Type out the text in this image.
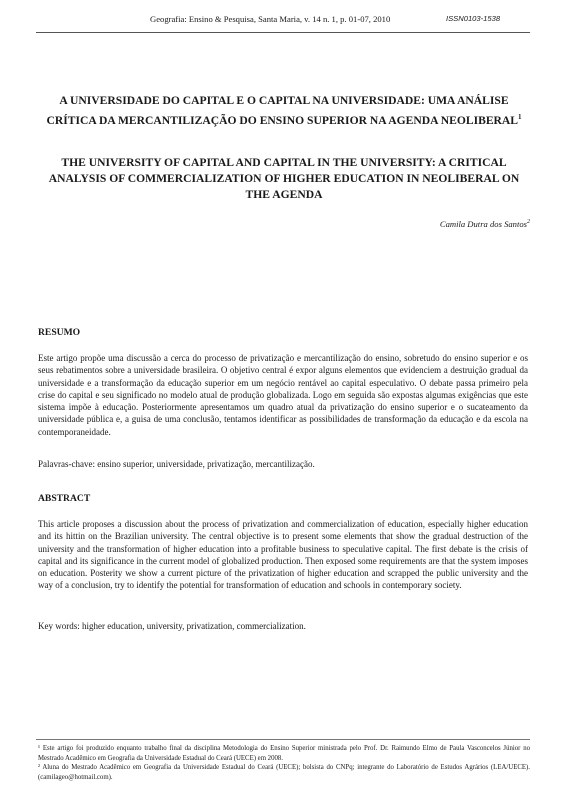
Geografia: Ensino & Pesquisa, Santa Maria, v. 14 n. 1, p. 01-07, 2010	ISSN0103-1538
A UNIVERSIDADE DO CAPITAL E O CAPITAL NA UNIVERSIDADE: UMA ANÁLISE CRÍTICA DA MERCANTILIZAÇÃO DO ENSINO SUPERIOR NA AGENDA NEOLIBERAL$^1$
THE UNIVERSITY OF CAPITAL AND CAPITAL IN THE UNIVERSITY: A CRITICAL ANALYSIS OF COMMERCIALIZATION OF HIGHER EDUCATION IN NEOLIBERAL ON THE AGENDA
Camila Dutra dos Santos$^2$
RESUMO

Este artigo propõe uma discussão a cerca do processo de privatização e mercantilização do ensino, sobretudo do ensino superior e os seus rebatimentos sobre a universidade brasileira. O objetivo central é expor alguns elementos que evidenciem a destruição gradual da universidade e a transformação da educação superior em um negócio rentável ao capital especulativo. O debate passa primeiro pela crise do capital e seu significado no modelo atual de produção globalizada. Logo em seguida são expostas algumas exigências que este sistema impõe à educação. Posteriormente apresentamos um quadro atual da privatização do ensino superior e o sucateamento da universidade pública e, a guisa de uma conclusão, tentamos identificar as possibilidades de transformação da educação e da escola na contemporaneidade.

Palavras-chave: ensino superior, universidade, privatização, mercantilização.

ABSTRACT

This article proposes a discussion about the process of privatization and commercialization of education, especially higher education and its hittin on the Brazilian university. The central objective is to present some elements that show the gradual destruction of the university and the transformation of higher education into a profitable business to speculative capital. The first debate is the crisis of capital and its significance in the current model of globalized production. Then exposed some requirements are that the system imposes on education. Posterity we show a current picture of the privatization of higher education and scrapped the public university and the way of a conclusion, try to identify the potential for transformation of education and schools in contemporary society.

Key words: higher education, university, privatization, commercialization.

¹ Este artigo foi produzido enquanto trabalho final da disciplina Metodologia do Ensino Superior ministrada pelo Prof. Dr. Raimundo Elmo de Paula Vasconcelos Júnior no Mestrado Acadêmico em Geografia da Universidade Estadual do Ceará (UECE) em 2008.

² Aluna do Mestrado Acadêmico em Geografia da Universidade Estadual do Ceará (UECE); bolsista do CNPq; integrante do Laboratório de Estudos Agrários (LEA/UECE). (camilageo@hotmail.com).
